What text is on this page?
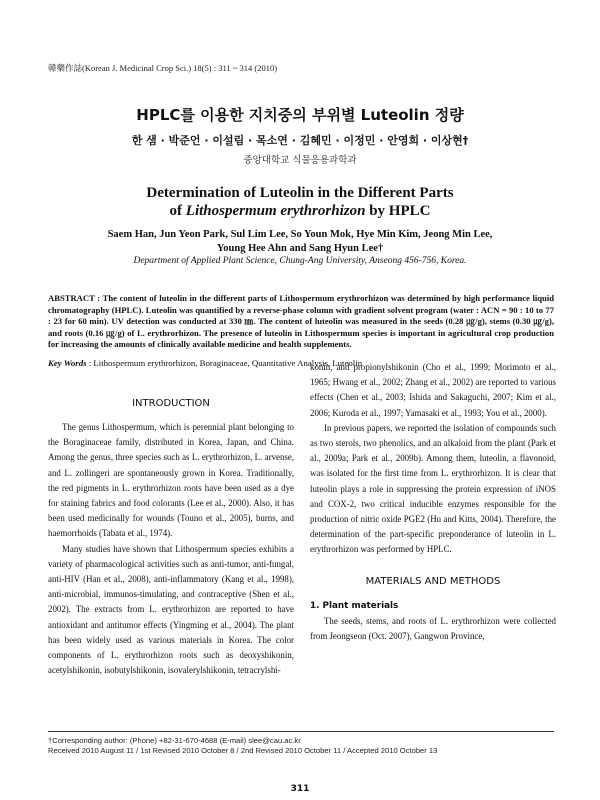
韓藥作誌(Korean J. Medicinal Crop Sci.) 18(5) : 311 ~ 314 (2010)
HPLC를 이용한 지치중의 부위별 Luteolin 정량
한 샘 · 박준언 · 이설림 · 목소연 · 김혜민 · 이정민 · 안영희 · 이상현†
중앙대학교 식물응용과학과
Determination of Luteolin in the Different Parts
of Lithospermum erythrorhizon by HPLC
Saem Han, Jun Yeon Park, Sul Lim Lee, So Youn Mok, Hye Min Kim, Jeong Min Lee,
Young Hee Ahn and Sang Hyun Lee†
Department of Applied Plant Science, Chung-Ang University, Anseong 456-756, Korea.
ABSTRACT : The content of luteolin in the different parts of Lithospermum erythrorhizon was determined by high performance liquid chromatography (HPLC). Luteolin was quantified by a reverse-phase column with gradient solvent program (water : ACN = 90 : 10 to 77 : 23 for 60 min). UV detection was conducted at 330 ㎚. The content of luteolin was measured in the seeds (0.28 ㎍/g), stems (0.30 ㎍/g), and roots (0.16 ㎍/g) of L. erythrorhizon. The presence of luteolin in Lithospermum species is important in agricultural crop production for increasing the amounts of clinically available medicine and health supplements.
Key Words : Lithospermum erythrorhizon, Boraginaceae, Quantitative Analysis, Luteolin
INTRODUCTION

The genus Lithospermum, which is perennial plant belonging to the Boraginaceae family, distributed in Korea, Japan, and China. Among the genus, three species such as L. erythrorhizon, L. arvense, and L. zollingeri are spontaneously grown in Korea. Traditionally, the red pigments in L. erythrorhizon roots have been used as a dye for staining fabrics and food colorants (Lee et al., 2000). Also, it has been used medicinally for wounds (Touno et al., 2005), burns, and haemorrhoids (Tabata et al., 1974).

Many studies have shown that Lithospermum species exhibits a variety of pharmacological activities such as anti-tumor, anti-fungal, anti-HIV (Han et al., 2008), anti-inflammatory (Kang et al., 1998), anti-microbial, immunos-timulating, and contraceptive (Shen et al., 2002). The extracts from L. erythrorhizon are reported to have antioxidant and antitumor effects (Yingming et al., 2004). The plant has been widely used as various materials in Korea. The color components of L. erythrorhizon roots such as deoxyshikonin, acetylshikonin, isobutylshikonin, isovalerylshikonin, tetracrylshi-

konin, and propionylshikonin (Cho et al., 1999; Morimoto et al., 1965; Hwang et al., 2002; Zhang et al., 2002) are reported to various effects (Chen et al., 2003; Ishida and Sakaguchi, 2007; Kim et al., 2006; Kuroda et al., 1997; Yamasaki et al., 1993; You et al., 2000).

In previous papers, we reported the isolation of compounds such as two sterols, two phenolics, and an alkaloid from the plant (Park et al., 2009a; Park et al., 2009b). Among them, luteolin, a flavonoid, was isolated for the first time from L. erythrorhizon. It is clear that luteolin plays a role in suppressing the protein expression of iNOS and COX-2, two critical inducible enzymes responsible for the production of nitric oxide PGE2 (Hu and Kitts, 2004). Therefore, the determination of the part-specific preponderance of luteolin in L. erythrorhizon was performed by HPLC.

MATERIALS AND METHODS
1. Plant materials

The seeds, stems, and roots of L. erythrorhizon were collected from Jeongseon (Oct. 2007), Gangwon Province,

†Corresponding author: (Phone) +82-31-670-4688 (E-mail) slee@cau.ac.kr
Received 2010 August 11 / 1st Revised 2010 October 8 / 2nd Revised 2010 October 11 / Accepted 2010 October 13
311
